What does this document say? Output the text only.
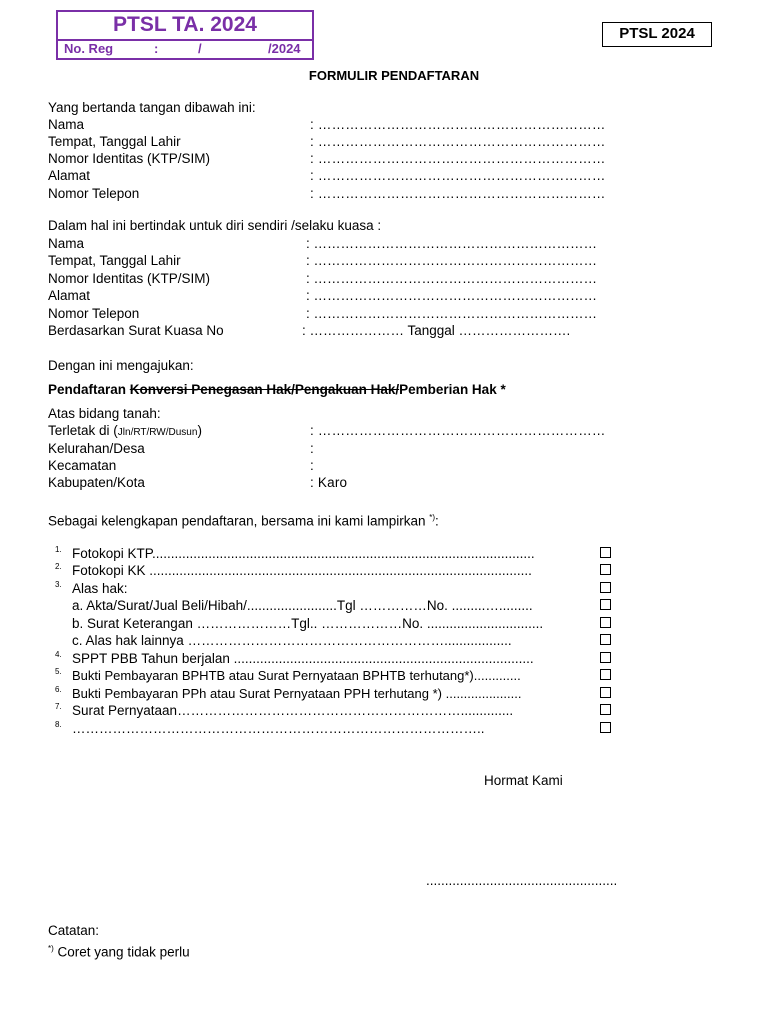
PTSL TA. 2024
No. Reg	:	/	/2024
PTSL 2024
FORMULIR PENDAFTARAN
Yang bertanda tangan dibawah ini:
Nama	: ………………………………………………………
Tempat, Tanggal Lahir	: ………………………………………………………
Nomor Identitas (KTP/SIM)	: ………………………………………………………
Alamat	: ………………………………………………………
Nomor Telepon	: ………………………………………………………
Dalam hal ini bertindak untuk diri sendiri /selaku kuasa :
Nama	: ………………………………………………………
Tempat, Tanggal Lahir	: ………………………………………………………
Nomor Identitas (KTP/SIM)	: ………………………………………………………
Alamat	: ………………………………………………………
Nomor Telepon	: ………………………………………………………
Berdasarkan Surat Kuasa No	: ………………… Tanggal …………………….
Dengan ini mengajukan:
Pendaftaran Konversi Penegasan Hak/Pengakuan Hak/Pemberian Hak *
Atas bidang tanah:
Terletak di (Jln/RT/RW/Dusun)	: ………………………………………………………
Kelurahan/Desa	:
Kecamatan	:
Kabupaten/Kota	: Karo
Sebagai kelengkapan pendaftaran, bersama ini kami lampirkan *):
1. Fotokopi KTP......................................................................................................
2. Fotokopi KK ......................................................................................................
3. Alas hak:
a. Akta/Surat/Jual Beli/Hibah/........................Tgl ……………No. .........….........
b. Surat Keterangan …………………Tgl.. ………………No. ...............................
c. Alas hak lainnya …………………………………………………..................
4. SPPT PBB Tahun berjalan ................................................................................
5. Bukti Pembayaran BPHTB atau Surat Pernyataan BPHTB terhutang*).............
6. Bukti Pembayaran PPh atau Surat Pernyataan PPH terhutang *) .....................
7. Surat Pernyataan………………………………………………………..............
8. ………………………………………………………………………………..
Hormat Kami
...................................................
Catatan:
*) Coret yang tidak perlu
